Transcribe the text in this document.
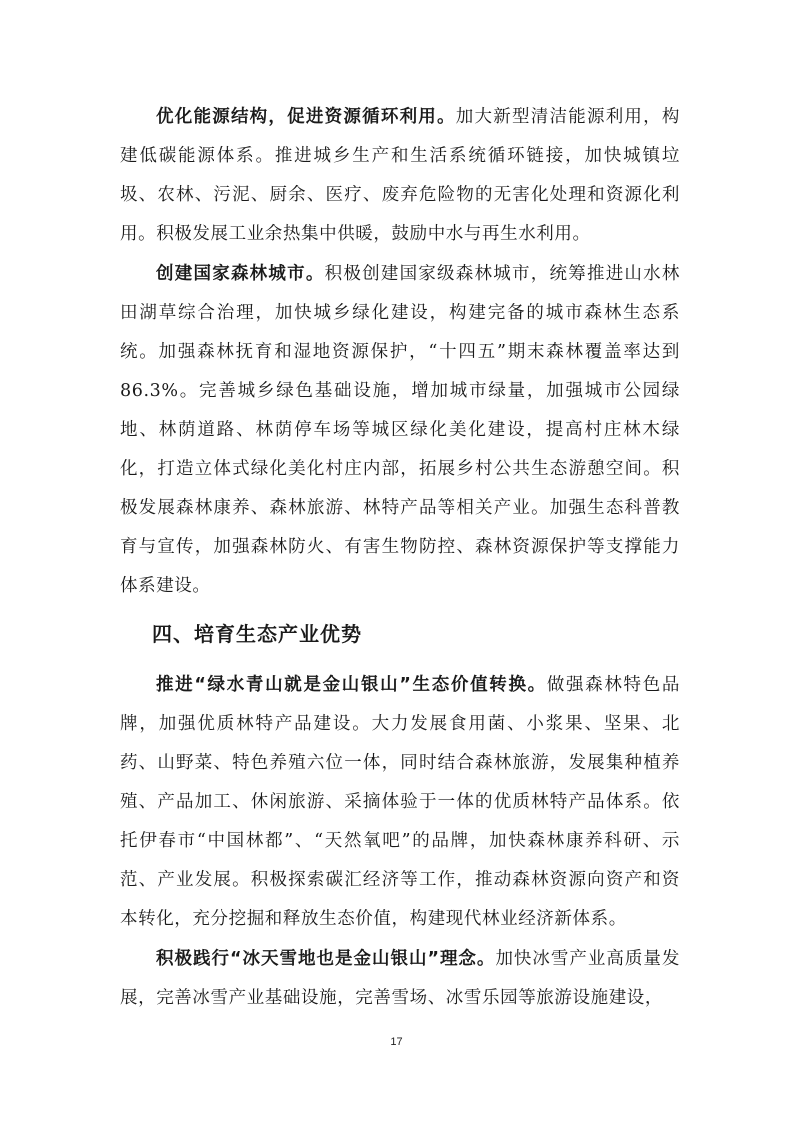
优化能源结构，促进资源循环利用。加大新型清洁能源利用，构建低碳能源体系。推进城乡生产和生活系统循环链接，加快城镇垃圾、农林、污泥、厨余、医疗、废弃危险物的无害化处理和资源化利用。积极发展工业余热集中供暖，鼓励中水与再生水利用。

创建国家森林城市。积极创建国家级森林城市，统筹推进山水林田湖草综合治理，加快城乡绿化建设，构建完备的城市森林生态系统。加强森林抚育和湿地资源保护，“十四五”期末森林覆盖率达到86.3%。完善城乡绿色基础设施，增加城市绿量，加强城市公园绿地、林荫道路、林荫停车场等城区绿化美化建设，提高村庄林木绿化，打造立体式绿化美化村庄内部，拓展乡村公共生态游憩空间。积极发展森林康养、森林旅游、林特产品等相关产业。加强生态科普教育与宣传，加强森林防火、有害生物防控、森林资源保护等支撑能力体系建设。

四、培育生态产业优势

推进“绿水青山就是金山银山”生态价值转换。做强森林特色品牌，加强优质林特产品建设。大力发展食用菌、小浆果、坚果、北药、山野菜、特色养殖六位一体，同时结合森林旅游，发展集种植养殖、产品加工、休闲旅游、采摘体验于一体的优质林特产品体系。依托伊春市“中国林都”、“天然氧吧”的品牌，加快森林康养科研、示范、产业发展。积极探索碳汇经济等工作，推动森林资源向资产和资本转化，充分挖掘和释放生态价值，构建现代林业经济新体系。

积极践行“冰天雪地也是金山银山”理念。加快冰雪产业高质量发展，完善冰雪产业基础设施，完善雪场、冰雪乐园等旅游设施建设，

17
